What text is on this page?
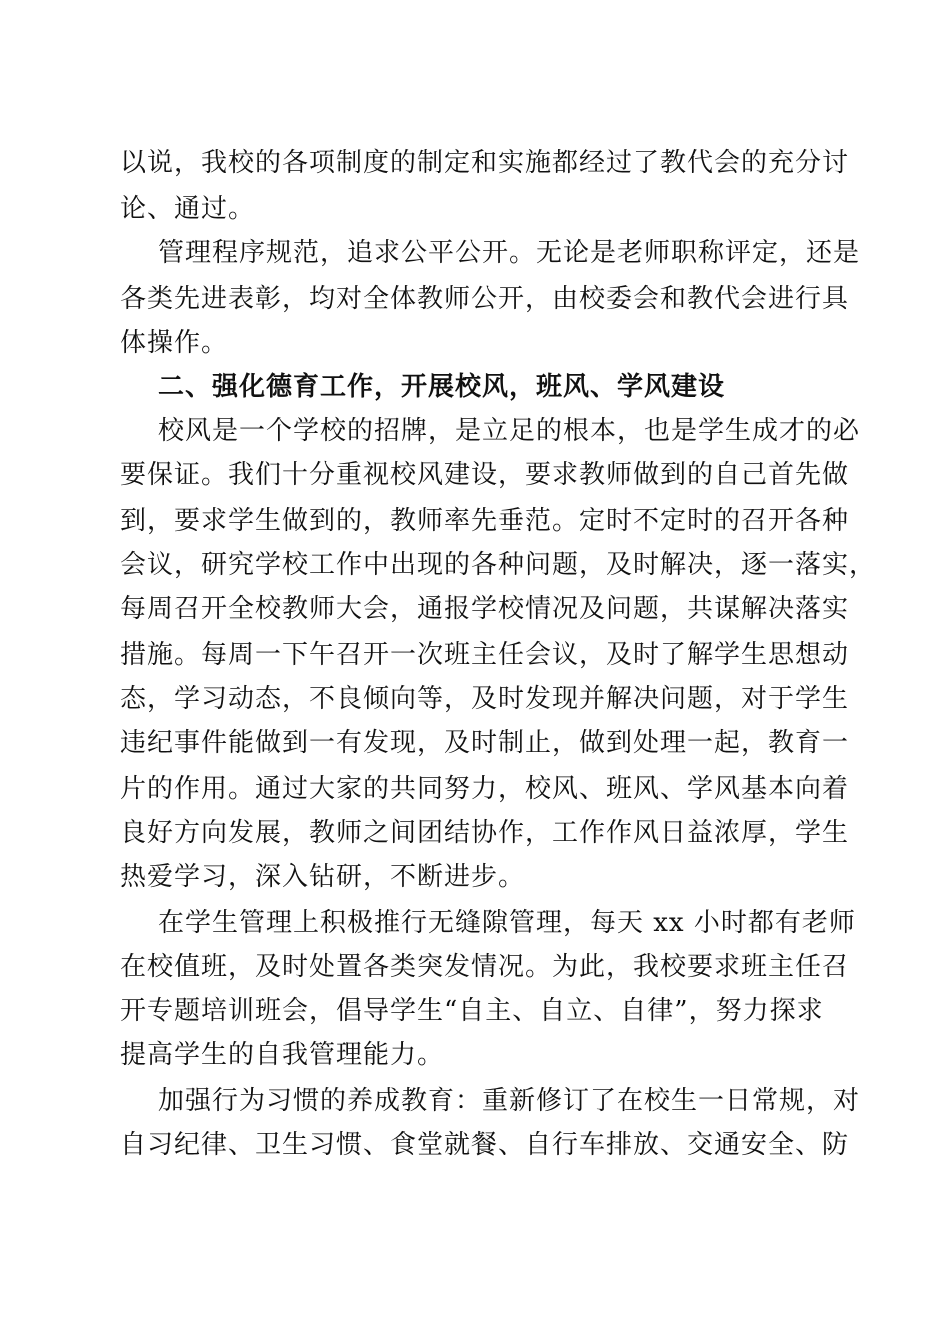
以说，我校的各项制度的制定和实施都经过了教代会的充分讨
论、通过。
管理程序规范，追求公平公开。无论是老师职称评定，还是
各类先进表彰，均对全体教师公开，由校委会和教代会进行具
体操作。
二、强化德育工作，开展校风，班风、学风建设
校风是一个学校的招牌，是立足的根本，也是学生成才的必
要保证。我们十分重视校风建设，要求教师做到的自己首先做
到，要求学生做到的，教师率先垂范。定时不定时的召开各种
会议，研究学校工作中出现的各种问题，及时解决，逐一落实，
每周召开全校教师大会，通报学校情况及问题，共谋解决落实
措施。每周一下午召开一次班主任会议，及时了解学生思想动
态，学习动态，不良倾向等，及时发现并解决问题，对于学生
违纪事件能做到一有发现，及时制止，做到处理一起，教育一
片的作用。通过大家的共同努力，校风、班风、学风基本向着
良好方向发展，教师之间团结协作，工作作风日益浓厚，学生
热爱学习，深入钻研，不断进步。
在学生管理上积极推行无缝隙管理，每天 xx 小时都有老师
在校值班，及时处置各类突发情况。为此，我校要求班主任召
开专题培训班会，倡导学生“自主、自立、自律”，努力探求
提高学生的自我管理能力。
加强行为习惯的养成教育：重新修订了在校生一日常规，对
自习纪律、卫生习惯、食堂就餐、自行车排放、交通安全、防
